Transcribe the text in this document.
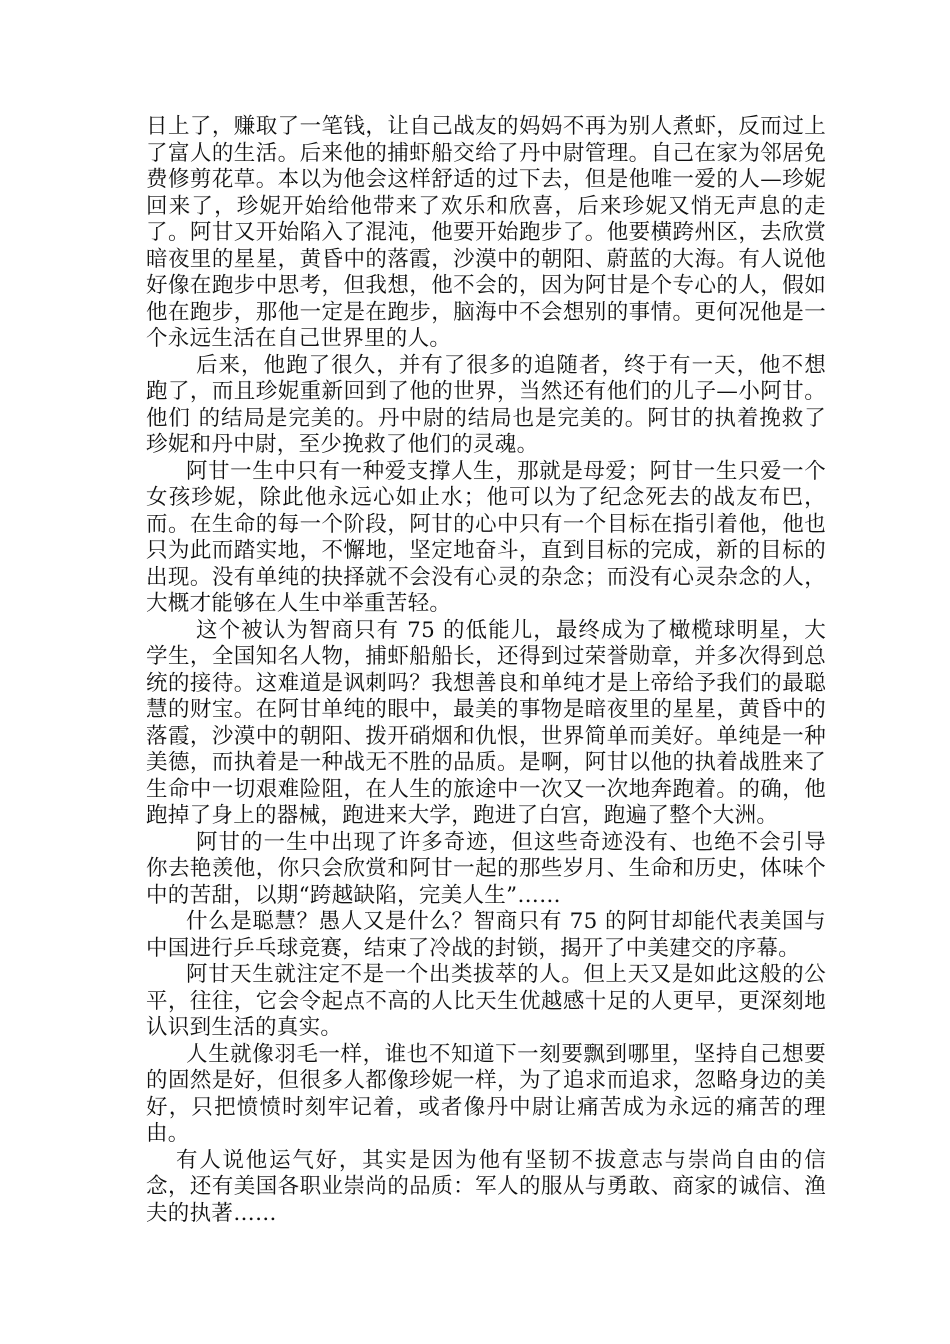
日上了，赚取了一笔钱，让自己战友的妈妈不再为别人煮虾，反而过上了富人的生活。后来他的捕虾船交给了丹中尉管理。自己在家为邻居免费修剪花草。本以为他会这样舒适的过下去，但是他唯一爱的人—珍妮回来了，珍妮开始给他带来了欢乐和欣喜，后来珍妮又悄无声息的走了。阿甘又开始陷入了混沌，他要开始跑步了。他要横跨州区，去欣赏暗夜里的星星，黄昏中的落霞，沙漠中的朝阳、蔚蓝的大海。有人说他好像在跑步中思考，但我想，他不会的，因为阿甘是个专心的人，假如他在跑步，那他一定是在跑步，脑海中不会想别的事情。更何况他是一个永远生活在自己世界里的人。

后来，他跑了很久，并有了很多的追随者，终于有一天，他不想跑了，而且珍妮重新回到了他的世界，当然还有他们的儿子—小阿甘。他们 的结局是完美的。丹中尉的结局也是完美的。阿甘的执着挽救了珍妮和丹中尉，至少挽救了他们的灵魂。

阿甘一生中只有一种爱支撑人生，那就是母爱；阿甘一生只爱一个女孩珍妮，除此他永远心如止水；他可以为了纪念死去的战友布巴，而。在生命的每一个阶段，阿甘的心中只有一个目标在指引着他，他也只为此而踏实地，不懈地，坚定地奋斗，直到目标的完成，新的目标的出现。没有单纯的抉择就不会没有心灵的杂念；而没有心灵杂念的人，大概才能够在人生中举重苦轻。

这个被认为智商只有 75 的低能儿，最终成为了橄榄球明星，大学生，全国知名人物，捕虾船船长，还得到过荣誉勋章，并多次得到总统的接待。这难道是讽刺吗？我想善良和单纯才是上帝给予我们的最聪慧的财宝。在阿甘单纯的眼中，最美的事物是暗夜里的星星，黄昏中的落霞，沙漠中的朝阳、拨开硝烟和仇恨，世界简单而美好。单纯是一种美德，而执着是一种战无不胜的品质。是啊，阿甘以他的执着战胜来了生命中一切艰难险阻，在人生的旅途中一次又一次地奔跑着。的确，他跑掉了身上的器械，跑进来大学，跑进了白宫，跑遍了整个大洲。

阿甘的一生中出现了许多奇迹，但这些奇迹没有、也绝不会引导你去艳羡他，你只会欣赏和阿甘一起的那些岁月、生命和历史，体味个中的苦甜，以期“跨越缺陷，完美人生”……

什么是聪慧？愚人又是什么？智商只有 75 的阿甘却能代表美国与中国进行乒乓球竞赛，结束了冷战的封锁，揭开了中美建交的序幕。

阿甘天生就注定不是一个出类拔萃的人。但上天又是如此这般的公平，往往，它会令起点不高的人比天生优越感十足的人更早，更深刻地认识到生活的真实。

人生就像羽毛一样，谁也不知道下一刻要飘到哪里，坚持自己想要的固然是好，但很多人都像珍妮一样，为了追求而追求，忽略身边的美好，只把愤愤时刻牢记着，或者像丹中尉让痛苦成为永远的痛苦的理由。

有人说他运气好，其实是因为他有坚韧不拔意志与崇尚自由的信念，还有美国各职业崇尚的品质：军人的服从与勇敢、商家的诚信、渔夫的执著……
